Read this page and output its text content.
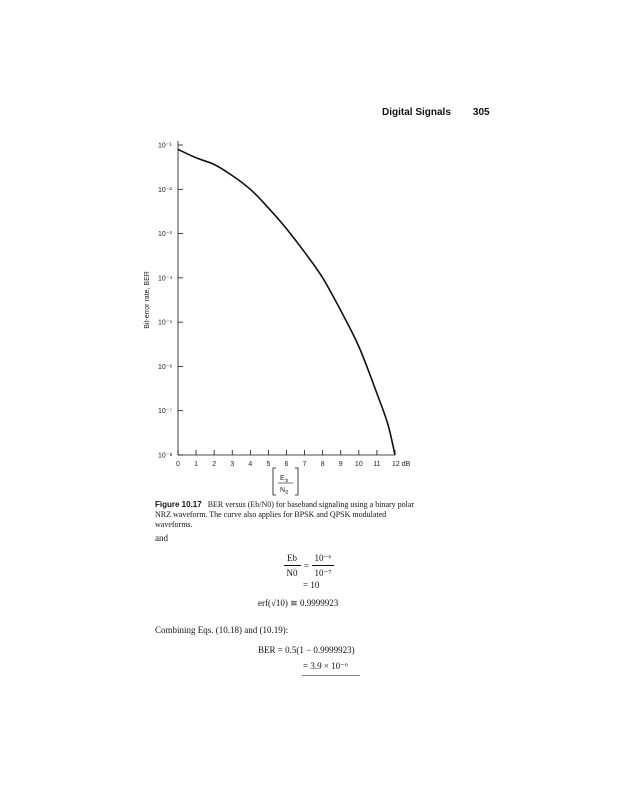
Digital Signals 305
10⁻¹
10⁻²
10⁻³
10⁻⁴
10⁻⁵
10⁻⁶
10⁻⁷
10⁻⁸
0 1 2 3 4 5 6 7 8 9 10 11 12 dB
Bit-error rate, BER
E b
N 0
Figure 10.17 BER versus (Eb/N0) for baseband signaling using a binary polar NRZ waveform. The curve also applies for BPSK and QPSK modulated waveforms.
and
Eb
N0
=
10⁻⁶
10⁻⁷
= 10
erf(√10) ≅ 0.9999923
Combining Eqs. (10.18) and (10.19):
BER = 0.5(1 − 0.9999923)
= 3.9 × 10⁻⁶
